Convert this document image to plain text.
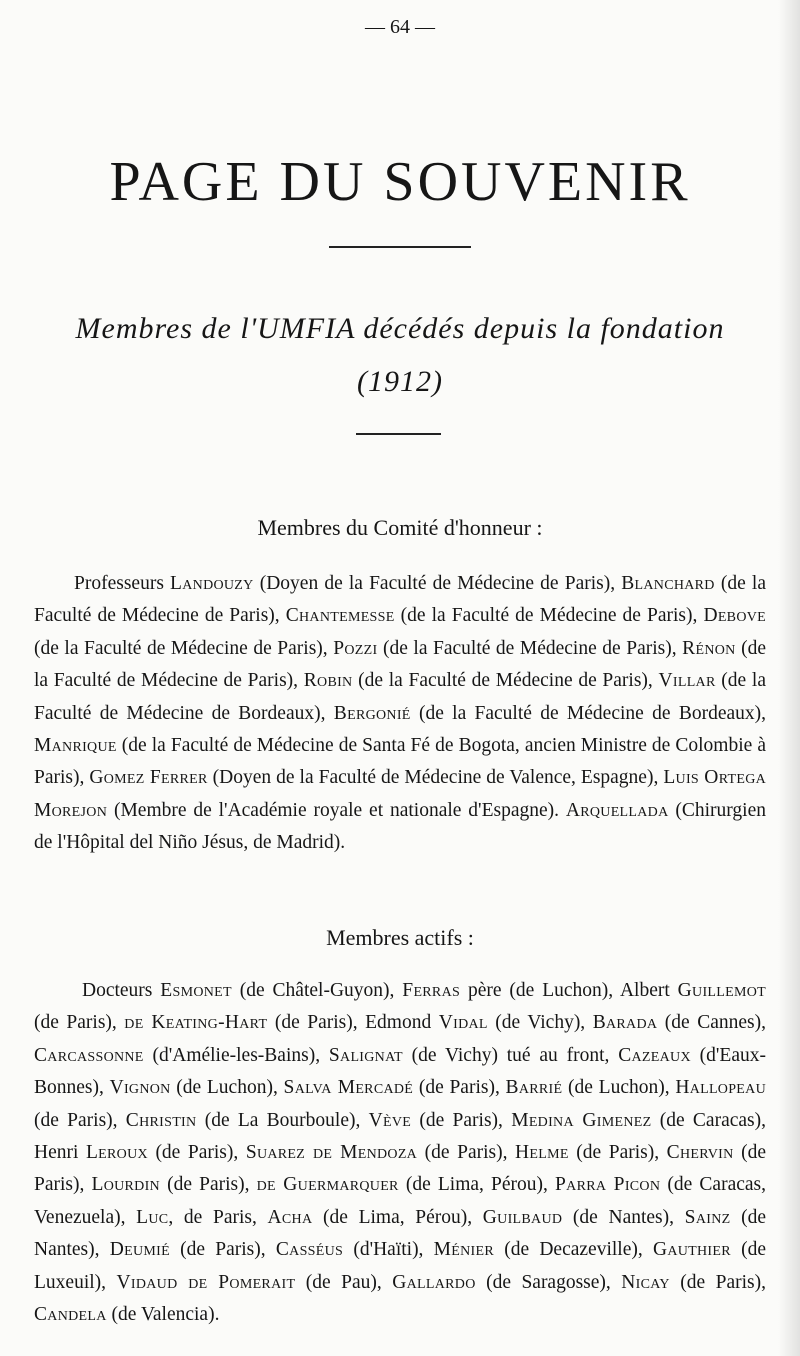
— 64 —
PAGE DU SOUVENIR
Membres de l'UMFIA décédés depuis la fondation
(1912)
Membres du Comité d'honneur :

Professeurs Landouzy (Doyen de la Faculté de Médecine de Paris), Blanchard (de la Faculté de Médecine de Paris), Chantemesse (de la Faculté de Médecine de Paris), Debove (de la Faculté de Médecine de Paris), Pozzi (de la Faculté de Médecine de Paris), Rénon (de la Faculté de Médecine de Paris), Robin (de la Faculté de Médecine de Paris), Villar (de la Faculté de Médecine de Bordeaux), Bergonié (de la Faculté de Médecine de Bordeaux), Manrique (de la Faculté de Médecine de Santa Fé de Bogota, ancien Ministre de Colombie à Paris), Gomez Ferrer (Doyen de la Faculté de Médecine de Valence, Espagne), Luis Ortega Morejon (Membre de l'Académie royale et nationale d'Espagne). Arquellada (Chirurgien de l'Hôpital del Niño Jésus, de Madrid).

Membres actifs :

Docteurs Esmonet (de Châtel-Guyon), Ferras père (de Luchon), Albert Guillemot (de Paris), de Keating-Hart (de Paris), Edmond Vidal (de Vichy), Barada (de Cannes), Carcassonne (d'Amélie-les-Bains), Salignat (de Vichy) tué au front, Cazeaux (d'Eaux-Bonnes), Vignon (de Luchon), Salva Mercadé (de Paris), Barrié (de Luchon), Hallopeau (de Paris), Christin (de La Bourboule), Vève (de Paris), Medina Gimenez (de Caracas), Henri Leroux (de Paris), Suarez de Mendoza (de Paris), Helme (de Paris), Chervin (de Paris), Lourdin (de Paris), de Guermarquer (de Lima, Pérou), Parra Picon (de Caracas, Venezuela), Luc, de Paris, Acha (de Lima, Pérou), Guilbaud (de Nantes), Sainz (de Nantes), Deumié (de Paris), Casséus (d'Haïti), Ménier (de Decazeville), Gauthier (de Luxeuil), Vidaud de Pomerait (de Pau), Gallardo (de Saragosse), Nicay (de Paris), Candela (de Valencia).
